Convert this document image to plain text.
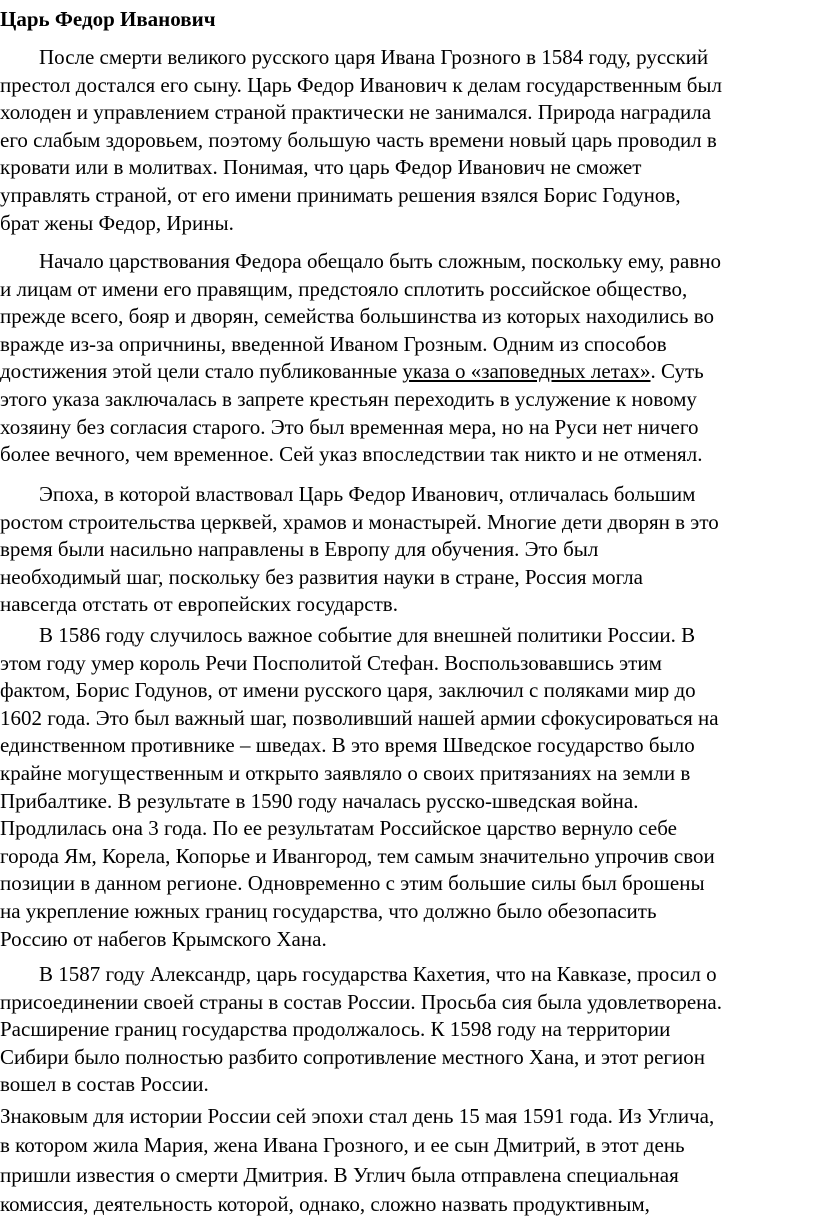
Царь Федор Иванович
После смерти великого русского царя Ивана Грозного в 1584 году, русский
престол достался его сыну. Царь Федор Иванович к делам государственным был
холоден и управлением страной практически не занимался. Природа наградила
его слабым здоровьем, поэтому большую часть времени новый царь проводил в
кровати или в молитвах. Понимая, что царь Федор Иванович не сможет
управлять страной, от его имени принимать решения взялся Борис Годунов,
брат жены Федор, Ирины.
Начало царствования Федора обещало быть сложным, поскольку ему, равно
и лицам от имени его правящим, предстояло сплотить российское общество,
прежде всего, бояр и дворян, семейства большинства из которых находились во
вражде из-за опричнины, введенной Иваном Грозным. Одним из способов
достижения этой цели стало публикованные указа о «заповедных летах». Суть
этого указа заключалась в запрете крестьян переходить в услужение к новому
хозяину без согласия старого. Это был временная мера, но на Руси нет ничего
более вечного, чем временное. Сей указ впоследствии так никто и не отменял.
Эпоха, в которой властвовал Царь Федор Иванович, отличалась большим
ростом строительства церквей, храмов и монастырей. Многие дети дворян в это
время были насильно направлены в Европу для обучения. Это был
необходимый шаг, поскольку без развития науки в стране, Россия могла
навсегда отстать от европейских государств.
В 1586 году случилось важное событие для внешней политики России. В
этом году умер король Речи Посполитой Стефан. Воспользовавшись этим
фактом, Борис Годунов, от имени русского царя, заключил с поляками мир до
1602 года. Это был важный шаг, позволивший нашей армии сфокусироваться на
единственном противнике – шведах. В это время Шведское государство было
крайне могущественным и открыто заявляло о своих притязаниях на земли в
Прибалтике. В результате в 1590 году началась русско-шведская война.
Продлилась она 3 года. По ее результатам Российское царство вернуло себе
города Ям, Корела, Копорье и Ивангород, тем самым значительно упрочив свои
позиции в данном регионе. Одновременно с этим большие силы был брошены
на укрепление южных границ государства, что должно было обезопасить
Россию от набегов Крымского Хана.
В 1587 году Александр, царь государства Кахетия, что на Кавказе, просил о
присоединении своей страны в состав России. Просьба сия была удовлетворена.
Расширение границ государства продолжалось. К 1598 году на территории
Сибири было полностью разбито сопротивление местного Хана, и этот регион
вошел в состав России.
Знаковым для истории России сей эпохи стал день 15 мая 1591 года. Из Углича,
в котором жила Мария, жена Ивана Грозного, и ее сын Дмитрий, в этот день
пришли известия о смерти Дмитрия. В Углич была отправлена специальная
комиссия, деятельность которой, однако, сложно назвать продуктивным,
